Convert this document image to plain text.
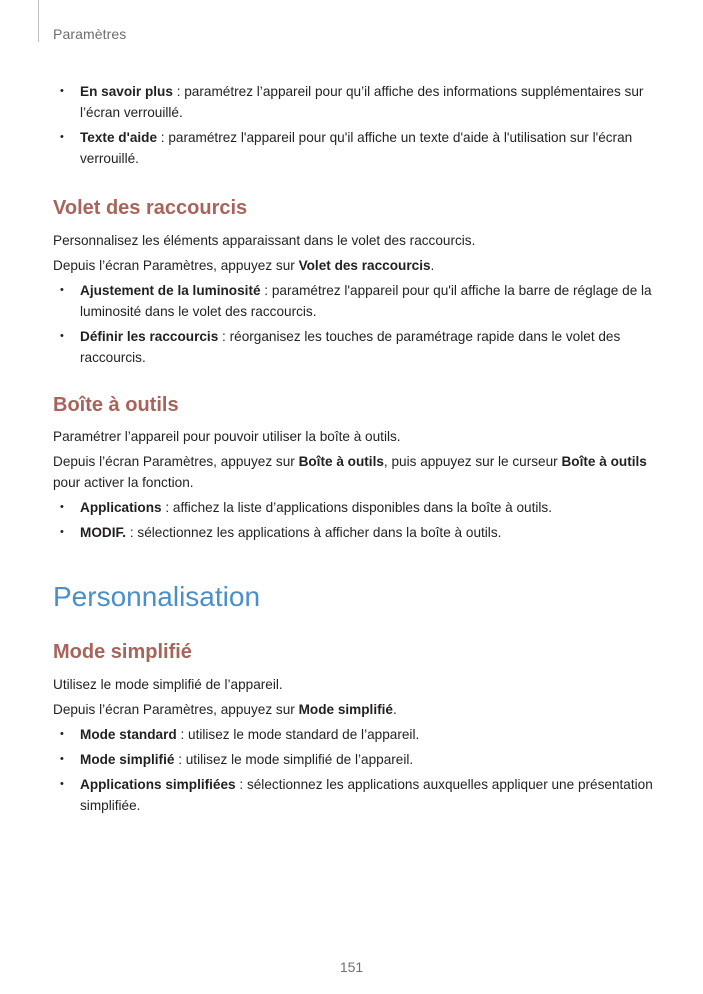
Paramètres
• En savoir plus : paramétrez l’appareil pour qu’il affiche des informations supplémentaires sur l’écran verrouillé.
• Texte d'aide : paramétrez l'appareil pour qu'il affiche un texte d'aide à l'utilisation sur l'écran verrouillé.
Volet des raccourcis

Personnalisez les éléments apparaissant dans le volet des raccourcis.

Depuis l’écran Paramètres, appuyez sur Volet des raccourcis.

• Ajustement de la luminosité : paramétrez l'appareil pour qu'il affiche la barre de réglage de la luminosité dans le volet des raccourcis.
• Définir les raccourcis : réorganisez les touches de paramétrage rapide dans le volet des raccourcis.
Boîte à outils

Paramétrer l’appareil pour pouvoir utiliser la boîte à outils.

Depuis l’écran Paramètres, appuyez sur Boîte à outils, puis appuyez sur le curseur Boîte à outils pour activer la fonction.

• Applications : affichez la liste d’applications disponibles dans la boîte à outils.
• MODIF. : sélectionnez les applications à afficher dans la boîte à outils.
Personnalisation
Mode simplifié

Utilisez le mode simplifié de l’appareil.

Depuis l’écran Paramètres, appuyez sur Mode simplifié.

• Mode standard : utilisez le mode standard de l’appareil.
• Mode simplifié : utilisez le mode simplifié de l’appareil.
• Applications simplifiées : sélectionnez les applications auxquelles appliquer une présentation simplifiée.
151
